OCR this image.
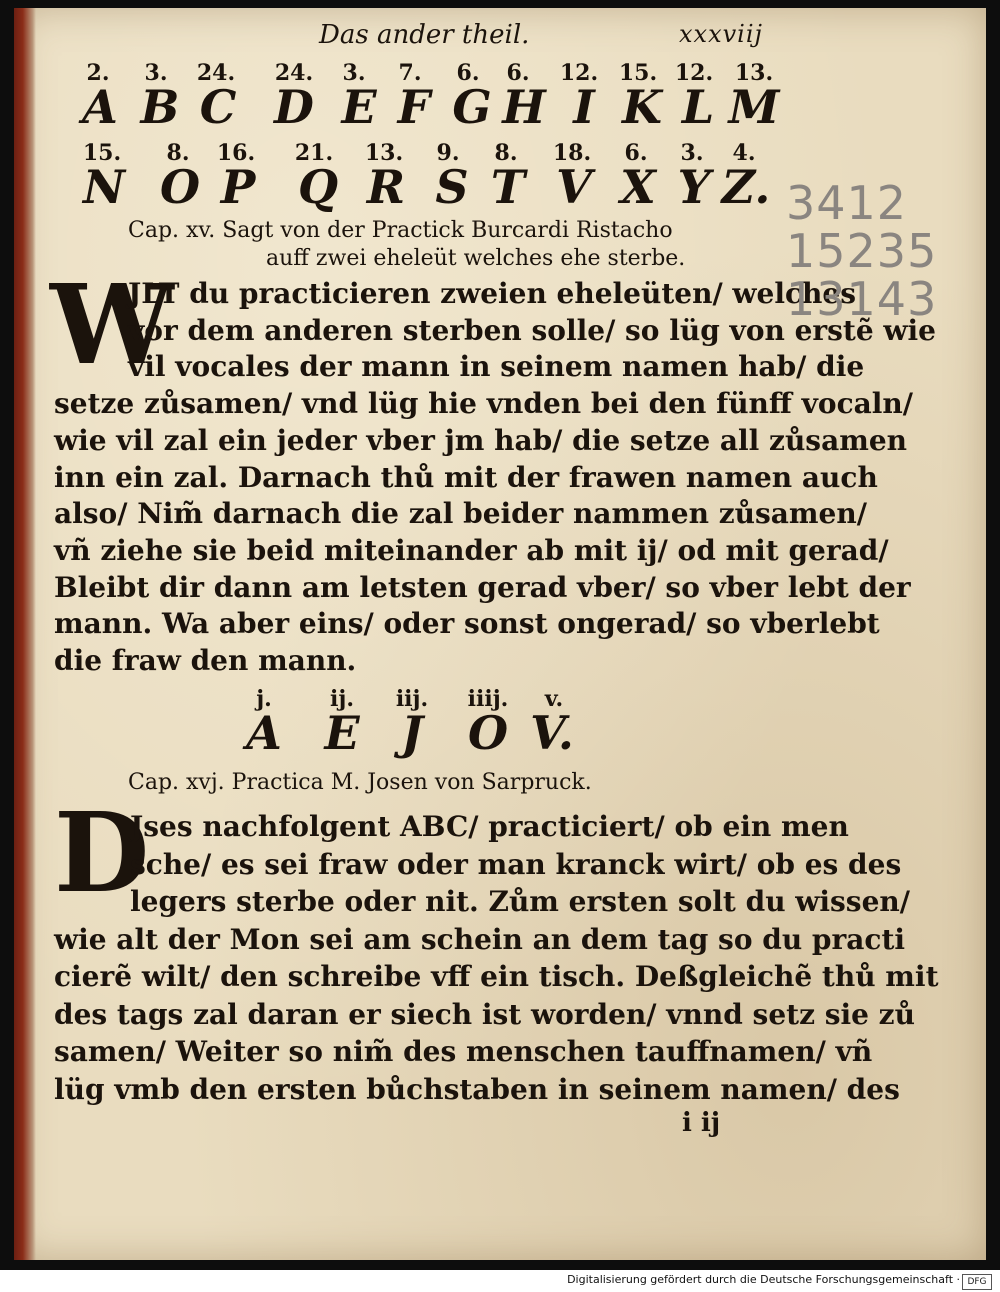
Das ander theil.	xxxviij
2. 3. 24. 24. 3. 7. 6. 6. 12. 15. 12. 13.
A B C D E F G H I K L M
15. 8. 16. 21. 13. 9. 8. 18. 6. 3. 4.
N O P Q R S T V X Y Z.
Cap. xv. Sagt von der Practick Burcardi Ristacho
auff zwei eheleüt welches ehe sterbe.
W
JLT du practicieren zweien eheleüten/ welches
vor dem anderen sterben solle/ so lüg von erstẽ wie
vil vocales der mann in seinem namen hab/ die
setze zůsamen/ vnd lüg hie vnden bei den fünff vocaln/
wie vil zal ein jeder vber jm hab/ die setze all zůsamen
inn ein zal. Darnach thů mit der frawen namen auch
also/ Nim̃ darnach die zal beider nammen zůsamen/
vñ ziehe sie beid miteinander ab mit ij/ od mit gerad/
Bleibt dir dann am letsten gerad vber/ so vber lebt der
mann. Wa aber eins/ oder sonst ongerad/ so vberlebt
die fraw den mann.
j.	ij. iij. iiij. v.
A E J O V.
Cap. xvj. Practica M. Josen von Sarpruck.
D
Jses nachfolgent ABC/ practiciert/ ob ein men
sche/ es sei fraw oder man kranck wirt/ ob es des
legers sterbe oder nit. Zům ersten solt du wissen/
wie alt der Mon sei am schein an dem tag so du practi
cierẽ wilt/ den schreibe vff ein tisch. Deßgleichẽ thů mit
des tags zal daran er siech ist worden/ vnnd setz sie zů
samen/ Weiter so nim̃ des menschen tauffnamen/ vñ
lüg vmb den ersten bůchstaben in seinem namen/ des
i ij
3412
15235
13143
Digitalisierung gefördert durch die Deutsche Forschungsgemeinschaft · DFG
